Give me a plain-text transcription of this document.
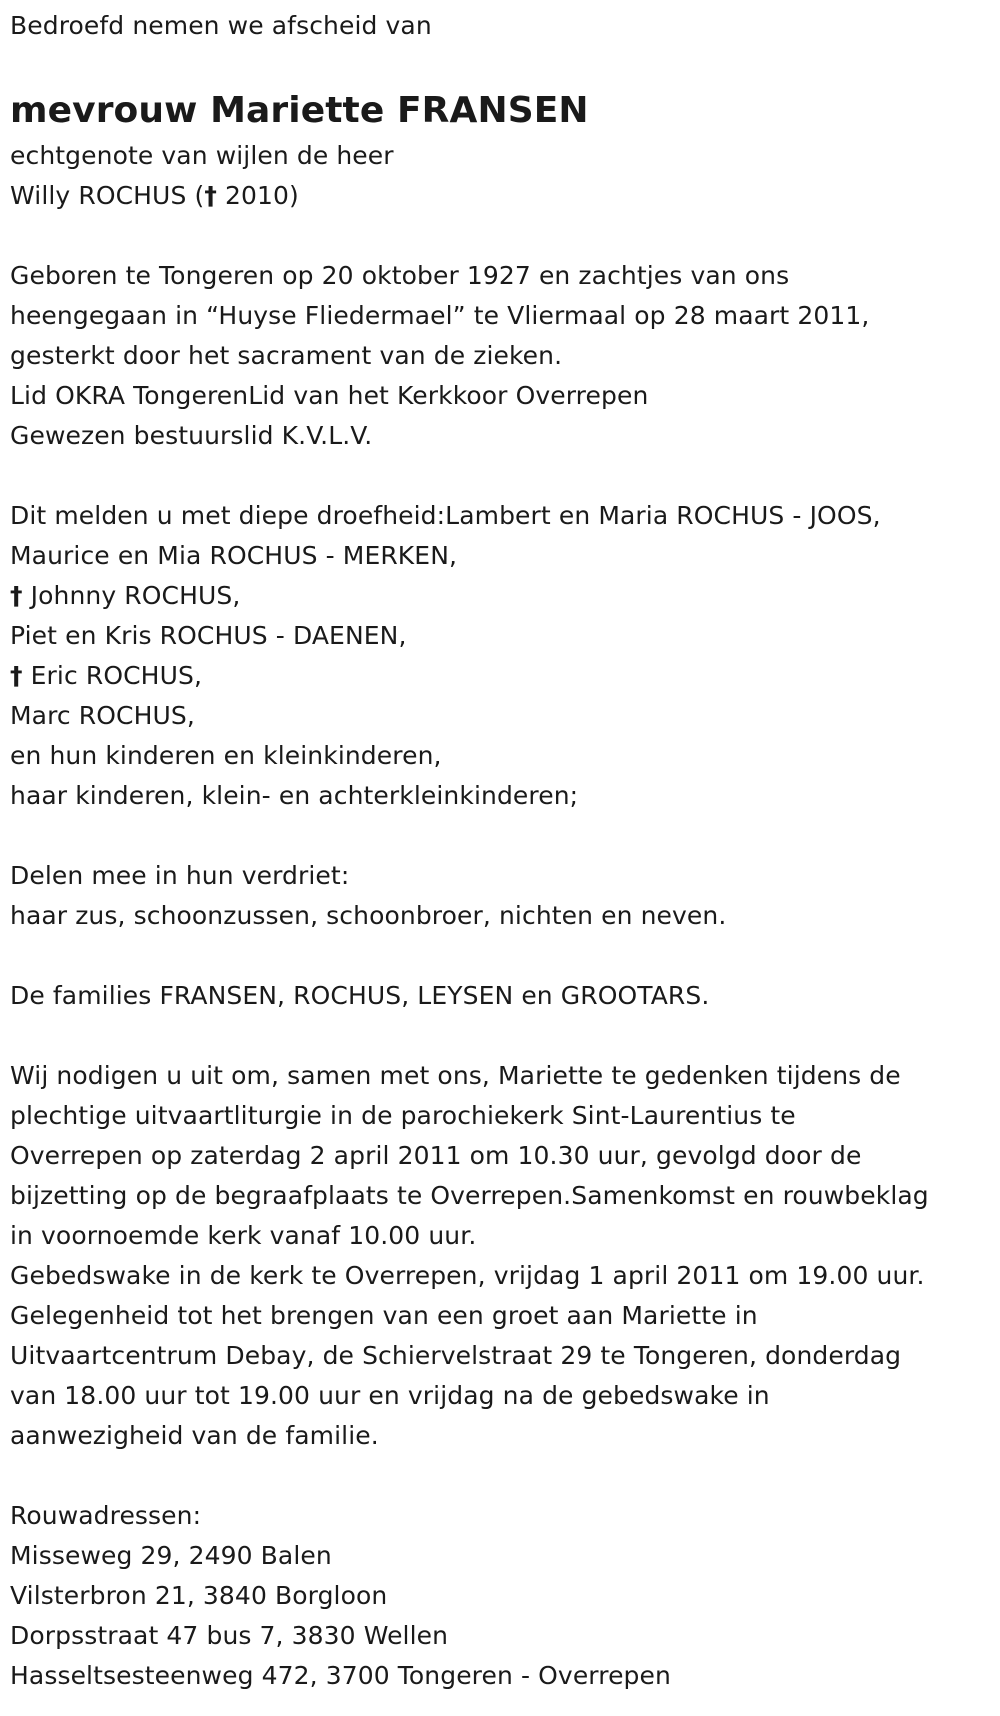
Bedroefd nemen we afscheid van
mevrouw Mariette FRANSEN
echtgenote van wijlen de heer
Willy ROCHUS († 2010)
Geboren te Tongeren op 20 oktober 1927 en zachtjes van ons
heengegaan in “Huyse Fliedermael” te Vliermaal op 28 maart 2011,
gesterkt door het sacrament van de zieken.
Lid OKRA TongerenLid van het Kerkkoor Overrepen
Gewezen bestuurslid K.V.L.V.
Dit melden u met diepe droefheid:Lambert en Maria ROCHUS - JOOS,
Maurice en Mia ROCHUS - MERKEN,
† Johnny ROCHUS,
Piet en Kris ROCHUS - DAENEN,
† Eric ROCHUS,
Marc ROCHUS,
en hun kinderen en kleinkinderen,
haar kinderen, klein- en achterkleinkinderen;
Delen mee in hun verdriet:
haar zus, schoonzussen, schoonbroer, nichten en neven.
De families FRANSEN, ROCHUS, LEYSEN en GROOTARS.
Wij nodigen u uit om, samen met ons, Mariette te gedenken tijdens de
plechtige uitvaartliturgie in de parochiekerk Sint-Laurentius te
Overrepen op zaterdag 2 april 2011 om 10.30 uur, gevolgd door de
bijzetting op de begraafplaats te Overrepen.Samenkomst en rouwbeklag
in voornoemde kerk vanaf 10.00 uur.
Gebedswake in de kerk te Overrepen, vrijdag 1 april 2011 om 19.00 uur.
Gelegenheid tot het brengen van een groet aan Mariette in
Uitvaartcentrum Debay, de Schiervelstraat 29 te Tongeren, donderdag
van 18.00 uur tot 19.00 uur en vrijdag na de gebedswake in
aanwezigheid van de familie.
Rouwadressen:
Misseweg 29, 2490 Balen
Vilsterbron 21, 3840 Borgloon
Dorpsstraat 47 bus 7, 3830 Wellen
Hasseltsesteenweg 472, 3700 Tongeren - Overrepen
